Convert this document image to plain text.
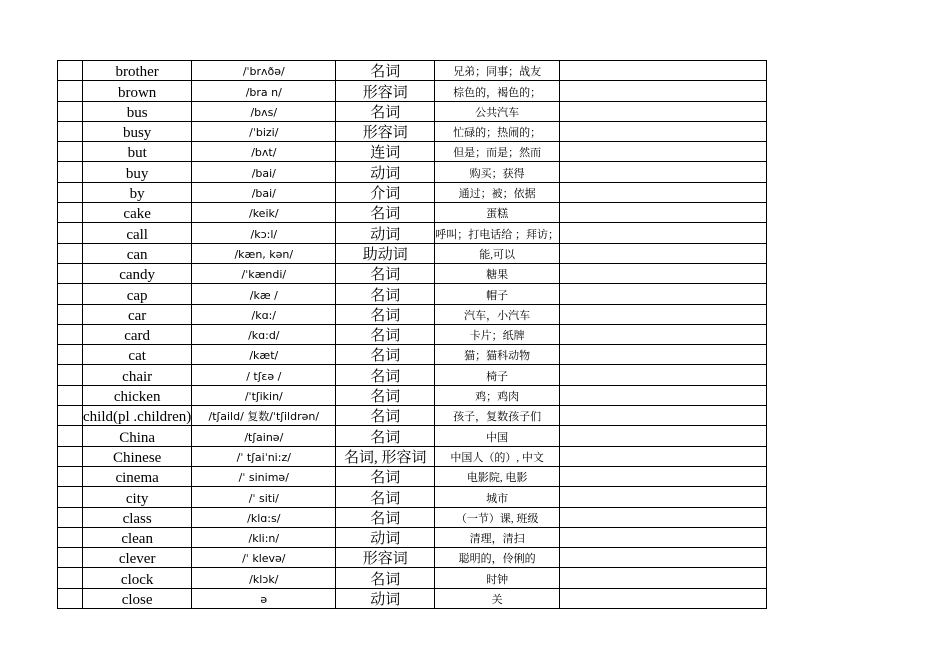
	brother	/ˈbrʌðə/	名词	兄弟；同事；战友	
	brown	/bra n/	形容词	棕色的，褐色的；	
	bus	/bʌs/	名词	公共汽车	
	busy	/ˈbizi/	形容词	忙碌的；热闹的；	
	but	/bʌt/	连词	但是；而是；然而	
	buy	/bai/	动词	购买；获得	
	by	/bai/	介词	通过；被；依据	
	cake	/keik/	名词	蛋糕	
	call	/kɔ:l/	动词	呼叫；打电话给 ；拜访；	
	can	/kæn, kən/	助动词	能,可以	
	candy	/ˈkændi/	名词	糖果	
	cap	/kæ /	名词	帽子	
	car	/kɑ:/	名词	汽车，小汽车	
	card	/kɑ:d/	名词	卡片；纸牌	
	cat	/kæt/	名词	猫；猫科动物	
	chair	/ tʃɛə /	名词	椅子	
	chicken	/ˈtʃikin/	名词	鸡；鸡肉	
	child(pl .children)	/tʃaild/ 复数/ˈtʃildrən/	名词	孩子，复数孩子们	
	China	/tʃainə/	名词	中国	
	Chinese	/ˈ tʃaiˈni:z/	名词, 形容词	中国人（的）, 中文	
	cinema	/ˈ sinimə/	名词	电影院, 电影	
	city	/ˈ siti/	名词	城市	
	class	/klɑ:s/	名词	（一节）课, 班级	
	clean	/kli:n/	动词	清理，清扫	
	clever	/ˈ klevə/	形容词	聪明的，伶俐的	
	clock	/klɔk/	名词	时钟	
	close	ə	动词	关	
